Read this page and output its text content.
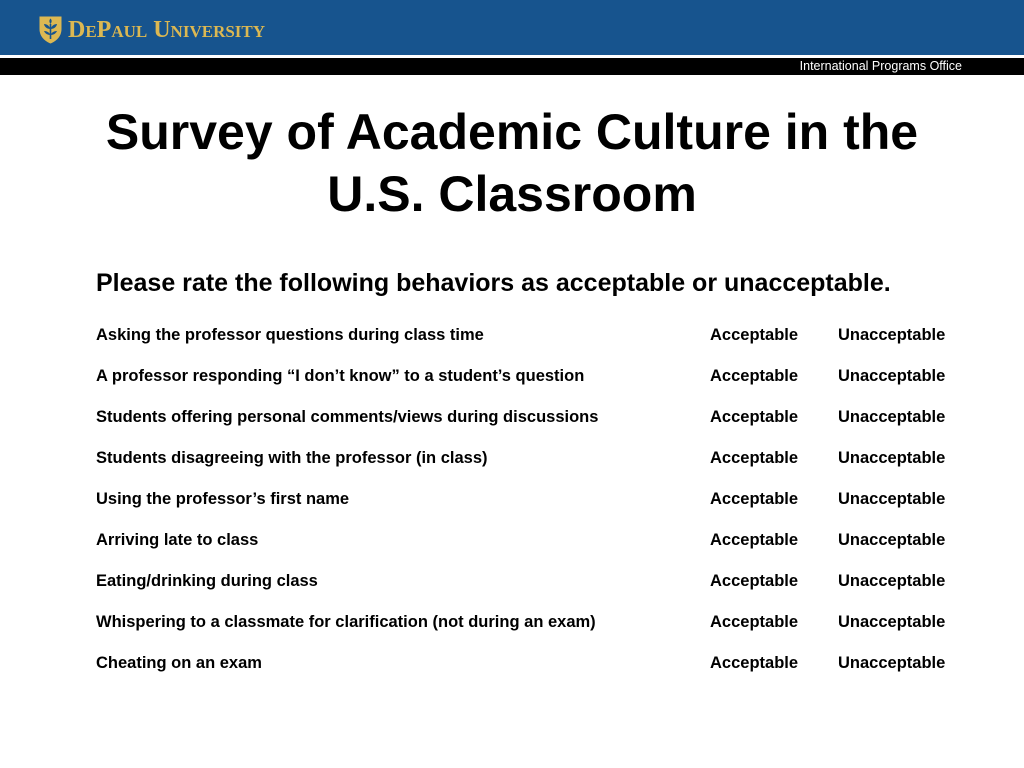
DePaul University
International Programs Office
Survey of Academic Culture in the U.S. Classroom

Please rate the following behaviors as acceptable or unacceptable.

Asking the professor questions during class time	Acceptable	Unacceptable
A professor responding “I don’t know” to a student’s question	Acceptable	Unacceptable
Students offering personal comments/views during discussions	Acceptable	Unacceptable
Students disagreeing with the professor (in class)	Acceptable	Unacceptable
Using the professor’s first name	Acceptable	Unacceptable
Arriving late to class	Acceptable	Unacceptable
Eating/drinking during class	Acceptable	Unacceptable
Whispering to a classmate for clarification (not during an exam)	Acceptable	Unacceptable
Cheating on an exam	Acceptable	Unacceptable
